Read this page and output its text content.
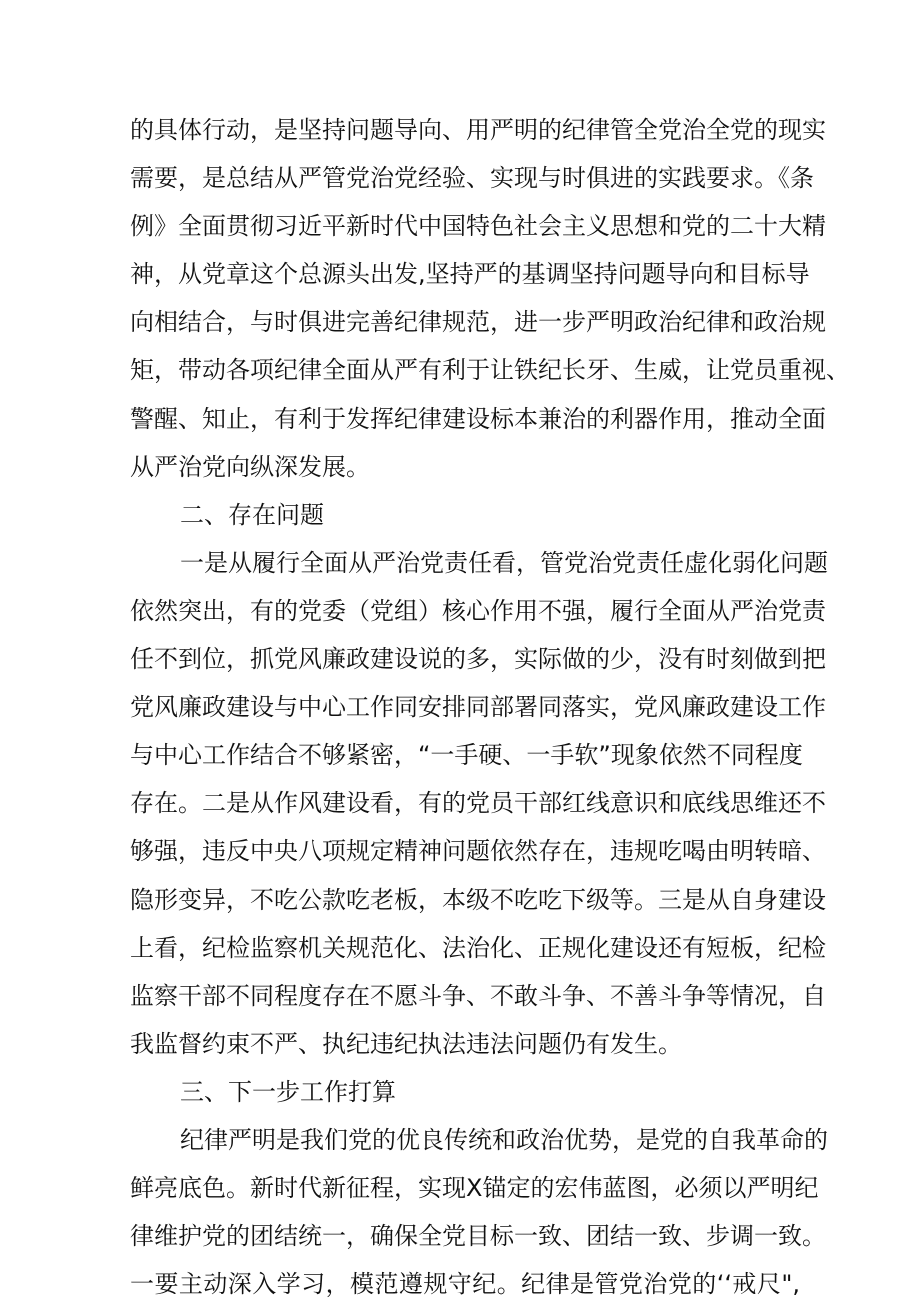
的具体行动，是坚持问题导向、用严明的纪律管全党治全党的现实
需要，是总结从严管党治党经验、实现与时俱进的实践要求。《条
例》全面贯彻习近平新时代中国特色社会主义思想和党的二十大精
神，从党章这个总源头出发,坚持严的基调坚持问题导向和目标导
向相结合，与时俱进完善纪律规范，进一步严明政治纪律和政治规
矩，带动各项纪律全面从严有利于让铁纪长牙、生威，让党员重视、
警醒、知止，有利于发挥纪律建设标本兼治的利器作用，推动全面
从严治党向纵深发展。
二、存在问题
一是从履行全面从严治党责任看，管党治党责任虚化弱化问题
依然突出，有的党委（党组）核心作用不强，履行全面从严治党责
任不到位，抓党风廉政建设说的多，实际做的少，没有时刻做到把
党风廉政建设与中心工作同安排同部署同落实，党风廉政建设工作
与中心工作结合不够紧密，“一手硬、一手软”现象依然不同程度
存在。二是从作风建设看，有的党员干部红线意识和底线思维还不
够强，违反中央八项规定精神问题依然存在，违规吃喝由明转暗、
隐形变异，不吃公款吃老板，本级不吃吃下级等。三是从自身建设
上看，纪检监察机关规范化、法治化、正规化建设还有短板，纪检
监察干部不同程度存在不愿斗争、不敢斗争、不善斗争等情况，自
我监督约束不严、执纪违纪执法违法问题仍有发生。
三、下一步工作打算
纪律严明是我们党的优良传统和政治优势，是党的自我革命的
鲜亮底色。新时代新征程，实现X锚定的宏伟蓝图，必须以严明纪
律维护党的团结统一，确保全党目标一致、团结一致、步调一致。
一要主动深入学习，模范遵规守纪。纪律是管党治党的‘‘戒尺",
